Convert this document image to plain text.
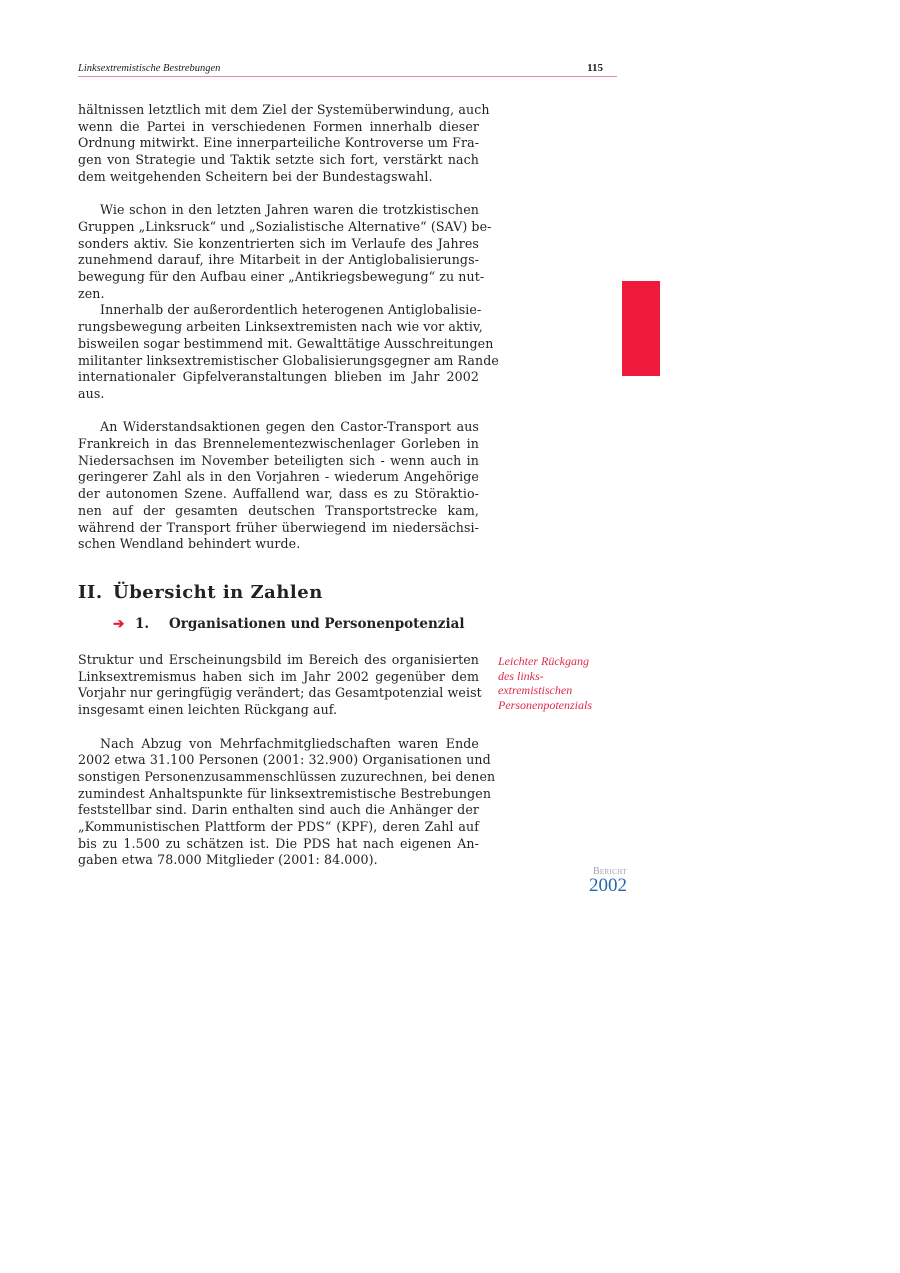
Linksextremistische Bestrebungen	115
hältnissen letztlich mit dem Ziel der Systemüberwindung, auch
wenn die Partei in verschiedenen Formen innerhalb dieser
Ordnung mitwirkt. Eine innerparteiliche Kontroverse um Fra-
gen von Strategie und Taktik setzte sich fort, verstärkt nach
dem weitgehenden Scheitern bei der Bundestagswahl.
Wie schon in den letzten Jahren waren die trotzkistischen
Gruppen „Linksruck“ und „Sozialistische Alternative“ (SAV) be-
sonders aktiv. Sie konzentrierten sich im Verlaufe des Jahres
zunehmend darauf, ihre Mitarbeit in der Antiglobalisierungs-
bewegung für den Aufbau einer „Antikriegsbewegung“ zu nut-
zen.
Innerhalb der außerordentlich heterogenen Antiglobalisie-
rungsbewegung arbeiten Linksextremisten nach wie vor aktiv,
bisweilen sogar bestimmend mit. Gewalttätige Ausschreitungen
militanter linksextremistischer Globalisierungsgegner am Rande
internationaler Gipfelveranstaltungen blieben im Jahr 2002
aus.
An Widerstandsaktionen gegen den Castor-Transport aus
Frankreich in das Brennelementezwischenlager Gorleben in
Niedersachsen im November beteiligten sich - wenn auch in
geringerer Zahl als in den Vorjahren - wiederum Angehörige
der autonomen Szene. Auffallend war, dass es zu Störaktio-
nen auf der gesamten deutschen Transportstrecke kam,
während der Transport früher überwiegend im niedersächsi-
schen Wendland behindert wurde.
II. Übersicht in Zahlen
➔ 1. Organisationen und Personenpotenzial
Struktur und Erscheinungsbild im Bereich des organisierten
Linksextremismus haben sich im Jahr 2002 gegenüber dem
Vorjahr nur geringfügig verändert; das Gesamtpotenzial weist
insgesamt einen leichten Rückgang auf.
Nach Abzug von Mehrfachmitgliedschaften waren Ende
2002 etwa 31.100 Personen (2001: 32.900) Organisationen und
sonstigen Personenzusammenschlüssen zuzurechnen, bei denen
zumindest Anhaltspunkte für linksextremistische Bestrebungen
feststellbar sind. Darin enthalten sind auch die Anhänger der
„Kommunistischen Plattform der PDS“ (KPF), deren Zahl auf
bis zu 1.500 zu schätzen ist. Die PDS hat nach eigenen An-
gaben etwa 78.000 Mitglieder (2001: 84.000).
Leichter Rückgang
des links-
extremistischen
Personenpotenzials
Bericht
2002
